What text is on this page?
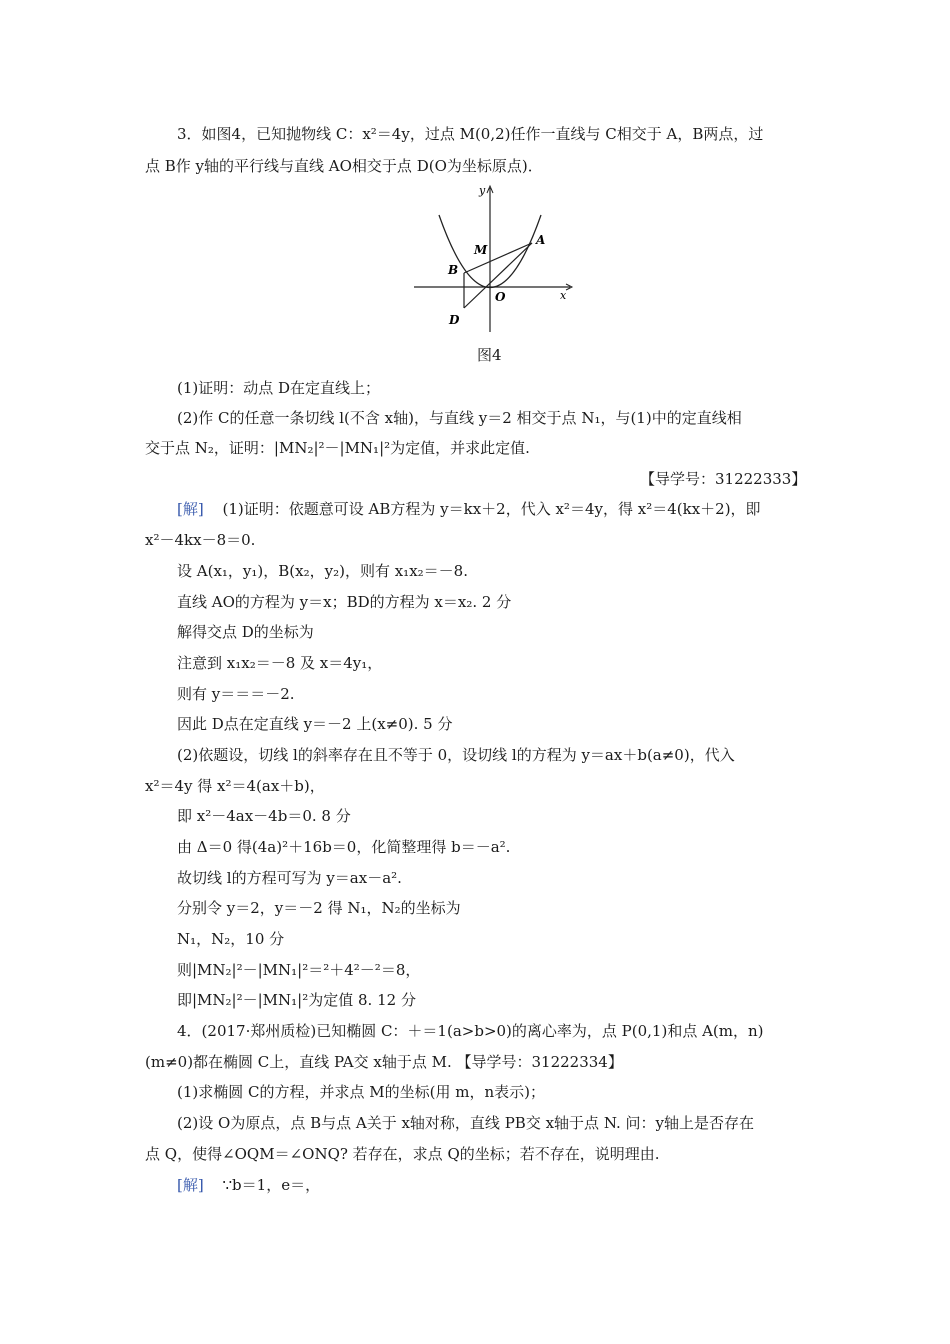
3．如图4，已知抛物线 C：x²＝4y，过点 M(0,2)任作一直线与 C相交于 A，B两点，过
点 B作 y轴的平行线与直线 AO相交于点 D(O为坐标原点)．
y
x
M
A
B
O
D
图4
(1)证明：动点 D在定直线上；
(2)作 C的任意一条切线 l(不含 x轴)，与直线 y＝2 相交于点 N₁，与(1)中的定直线相
交于点 N₂，证明：|MN₂|²－|MN₁|²为定值，并求此定值.
【导学号：31222333】
[解] (1)证明：依题意可设 AB方程为 y＝kx＋2，代入 x²＝4y，得 x²＝4(kx＋2)，即
x²－4kx－8＝0.
设 A(x₁，y₁)，B(x₂，y₂)，则有 x₁x₂＝－8.
直线 AO的方程为 y＝x；BD的方程为 x＝x₂. 2 分
解得交点 D的坐标为
注意到 x₁x₂＝－8 及 x＝4y₁，
则有 y＝＝＝－2.
因此 D点在定直线 y＝－2 上(x≠0). 5 分
(2)依题设，切线 l的斜率存在且不等于 0，设切线 l的方程为 y＝ax＋b(a≠0)，代入
x²＝4y 得 x²＝4(ax＋b)，
即 x²－4ax－4b＝0. 8 分
由 Δ＝0 得(4a)²＋16b＝0，化简整理得 b＝－a².
故切线 l的方程可写为 y＝ax－a².
分别令 y＝2，y＝－2 得 N₁，N₂的坐标为
N₁，N₂，10 分
则|MN₂|²－|MN₁|²＝²＋4²－²＝8，
即|MN₂|²－|MN₁|²为定值 8. 12 分
4．(2017·郑州质检)已知椭圆 C：＋＝1(a>b>0)的离心率为，点 P(0,1)和点 A(m，n)
(m≠0)都在椭圆 C上，直线 PA交 x轴于点 M. 【导学号：31222334】
(1)求椭圆 C的方程，并求点 M的坐标(用 m，n表示)；
(2)设 O为原点，点 B与点 A关于 x轴对称，直线 PB交 x轴于点 N. 问：y轴上是否存在
点 Q，使得∠OQM＝∠ONQ? 若存在，求点 Q的坐标；若不存在，说明理由.
[解] ∵b＝1，e＝，
